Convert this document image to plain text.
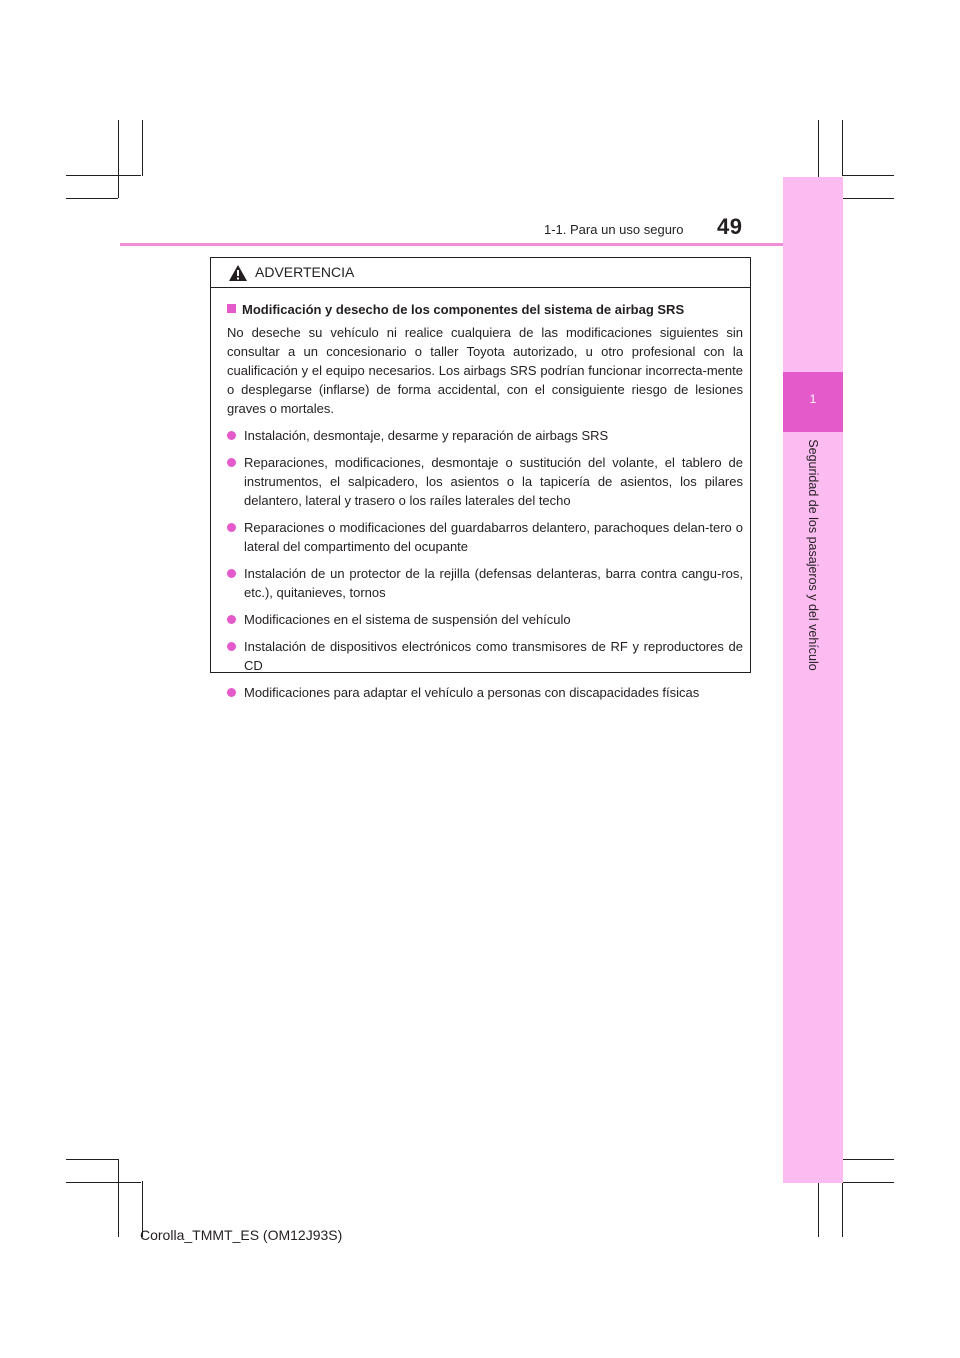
1-1. Para un uso seguro 49
1
Seguridad de los pasajeros y del vehículo
ADVERTENCIA
Modificación y desecho de los componentes del sistema de airbag SRS

No deseche su vehículo ni realice cualquiera de las modificaciones siguientes sin consultar a un concesionario o taller Toyota autorizado, u otro profesional con la cualificación y el equipo necesarios. Los airbags SRS podrían funcionar incorrecta-mente o desplegarse (inflarse) de forma accidental, con el consiguiente riesgo de lesiones graves o mortales.

Instalación, desmontaje, desarme y reparación de airbags SRS
Reparaciones, modificaciones, desmontaje o sustitución del volante, el tablero de instrumentos, el salpicadero, los asientos o la tapicería de asientos, los pilares delantero, lateral y trasero o los raíles laterales del techo
Reparaciones o modificaciones del guardabarros delantero, parachoques delan-tero o lateral del compartimento del ocupante
Instalación de un protector de la rejilla (defensas delanteras, barra contra cangu-ros, etc.), quitanieves, tornos
Modificaciones en el sistema de suspensión del vehículo
Instalación de dispositivos electrónicos como transmisores de RF y reproductores de CD
Modificaciones para adaptar el vehículo a personas con discapacidades físicas
Corolla_TMMT_ES (OM12J93S)
